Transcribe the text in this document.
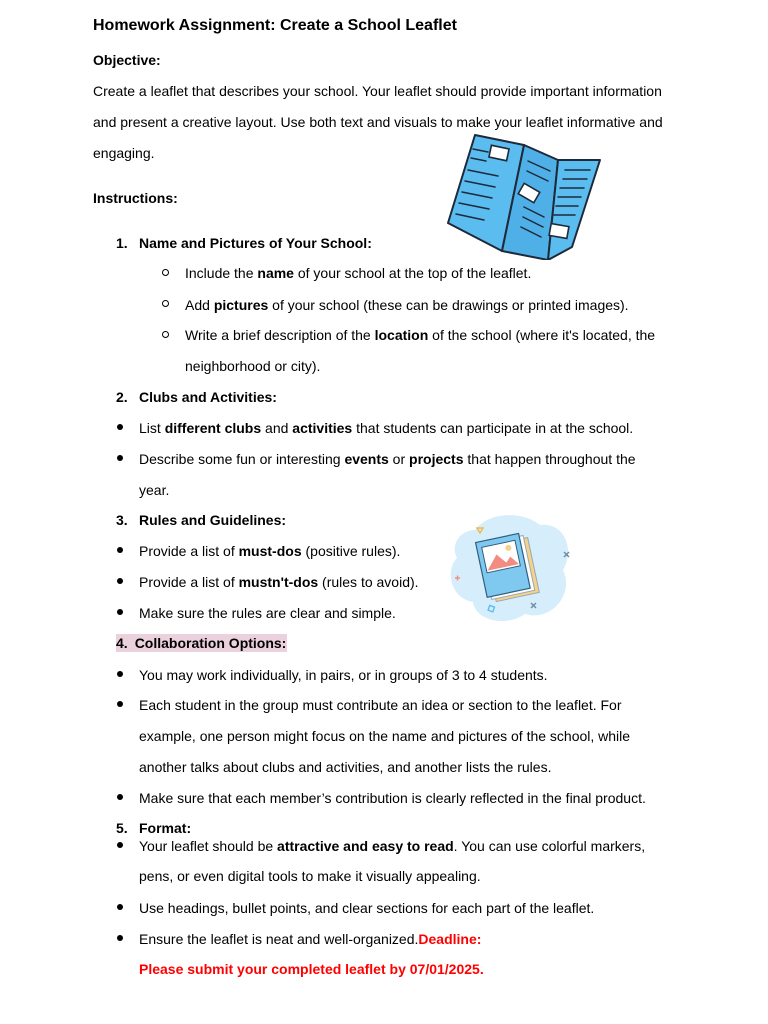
Homework Assignment: Create a School Leaflet
Objective:
Create a leaflet that describes your school. Your leaflet should provide important information
and present a creative layout. Use both text and visuals to make your leaflet informative and
engaging.
Instructions:
1. Name and Pictures of Your School:
Include the name of your school at the top of the leaflet.
Add pictures of your school (these can be drawings or printed images).
Write a brief description of the location of the school (where it's located, the
neighborhood or city).
2. Clubs and Activities:
List different clubs and activities that students can participate in at the school.
Describe some fun or interesting events or projects that happen throughout the
year.
3. Rules and Guidelines:
Provide a list of must-dos (positive rules).
Provide a list of mustn't-dos (rules to avoid).
Make sure the rules are clear and simple.
4. Collaboration Options:
You may work individually, in pairs, or in groups of 3 to 4 students.
Each student in the group must contribute an idea or section to the leaflet. For
example, one person might focus on the name and pictures of the school, while
another talks about clubs and activities, and another lists the rules.
Make sure that each member’s contribution is clearly reflected in the final product.
5. Format:
Your leaflet should be attractive and easy to read. You can use colorful markers,
pens, or even digital tools to make it visually appealing.
Use headings, bullet points, and clear sections for each part of the leaflet.
Ensure the leaflet is neat and well-organized.Deadline:
Please submit your completed leaflet by 07/01/2025.
